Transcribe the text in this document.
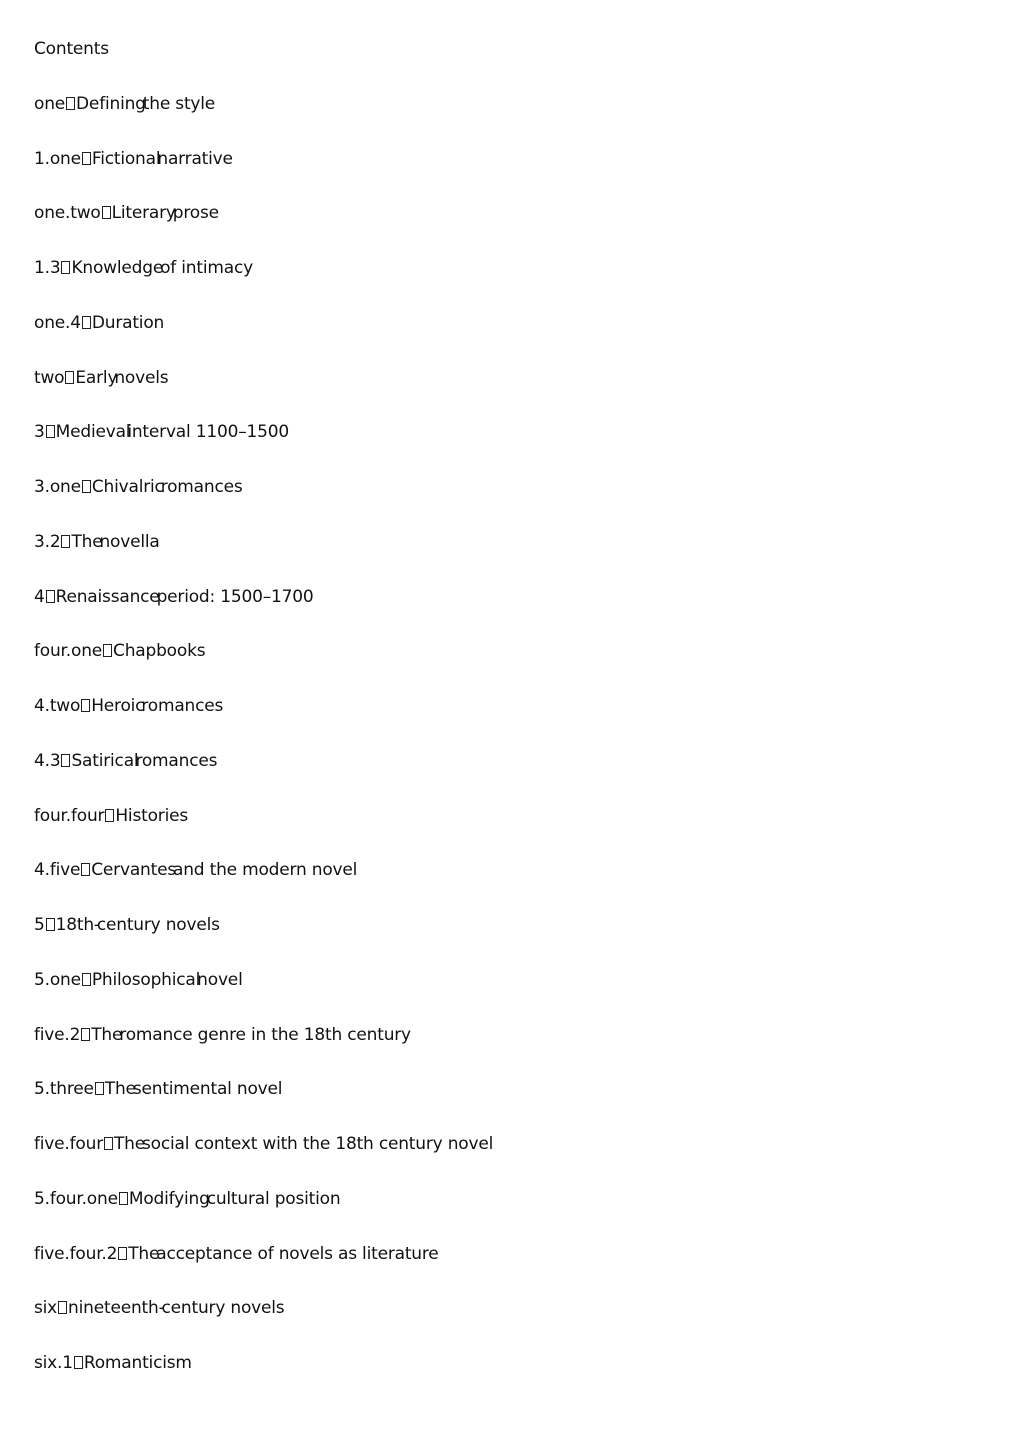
Contents
one Definingthe style
1.one Fictionalnarrative
one.two Literaryprose
1.3 Knowledgeof intimacy
one.4 Duration
two Earlynovels
3 Medievalinterval 1100–1500
3.one Chivalricromances
3.2 Thenovella
4 Renaissanceperiod: 1500–1700
four.one Chapbooks
4.two Heroicromances
4.3 Satiricalromances
four.four Histories
4.five Cervantesand the modern novel
5 18th-century novels
5.one Philosophicalnovel
five.2 Theromance genre in the 18th century
5.three Thesentimental novel
five.four Thesocial context with the 18th century novel
5.four.one Modifyingcultural position
five.four.2 Theacceptance of novels as literature
six nineteenth-century novels
six.1 Romanticism
